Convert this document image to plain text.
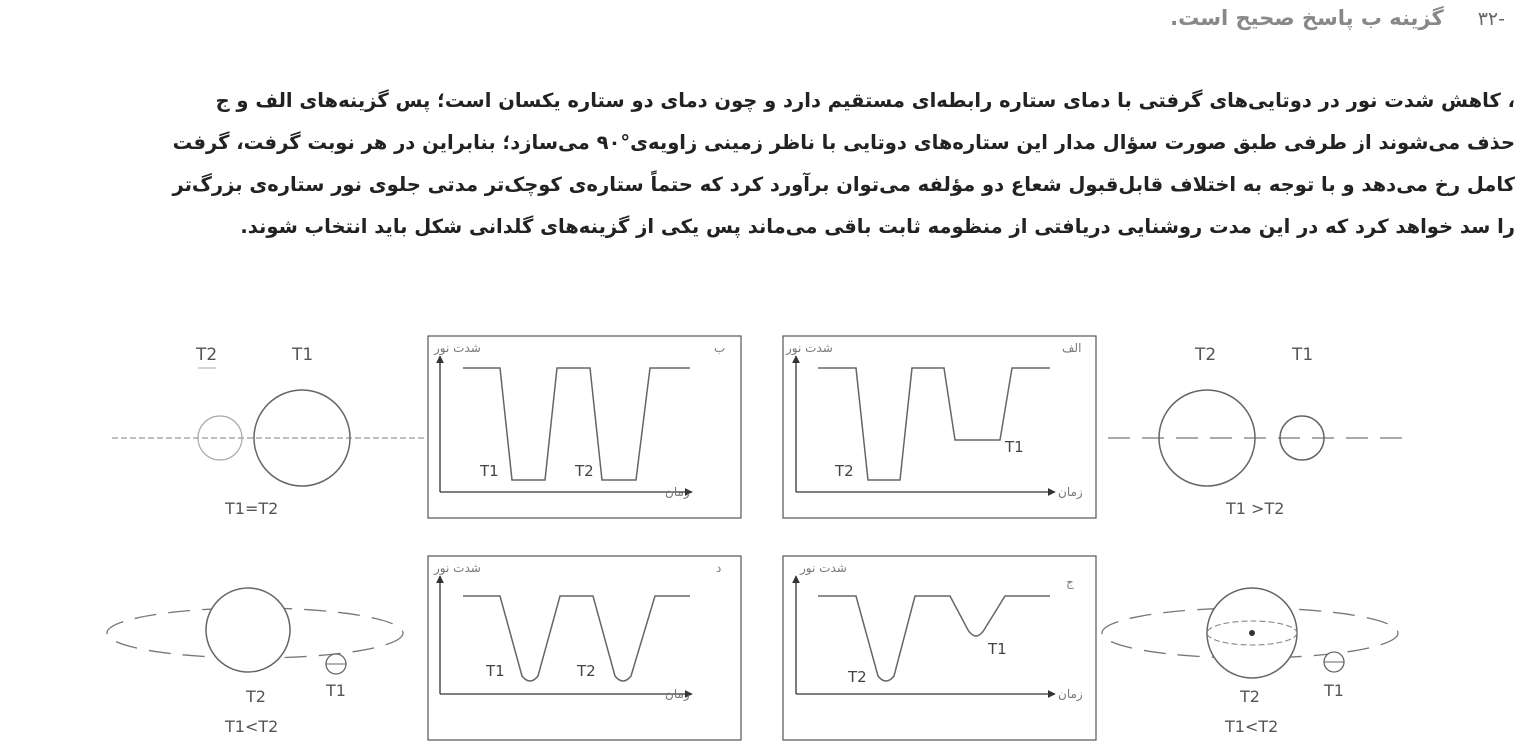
-۳۲
گزینه ب پاسخ صحیح است.
، کاهش شدت نور در دوتایی‌های گرفتی با دمای ستاره رابطه‌ای مستقیم دارد و چون دمای دو ستاره یکسان است؛ پس گزینه‌های الف و ج
حذف می‌شوند از طرفی طبق صورت سؤال مدار این ستاره‌های دوتایی با ناظر زمینی زاویه‌ی°۹۰ می‌سازد؛ بنابراین در هر نوبت گرفت، گرفت
کامل رخ می‌دهد و با توجه به اختلاف قابل‌قبول شعاع دو مؤلفه می‌توان برآورد کرد که حتماً ستاره‌ی کوچک‌تر مدتی جلوی نور ستاره‌ی بزرگ‌تر
را سد خواهد کرد که در این مدت روشنایی دریافتی از منظومه ثابت باقی می‌ماند پس یکی از گزینه‌های گلدانی شکل باید انتخاب شوند.
T2	T1
T1=T2
شدت نور	ب
زمان
T1	T2
شدت نور	الف
زمان
T2
T1
T2	T1
T1 >T2
T2	T1
T1<T2
شدت نور	د
زمان
T1	T2
شدت نور
ج
زمان
T2
T1
T2	T1
T1<T2
